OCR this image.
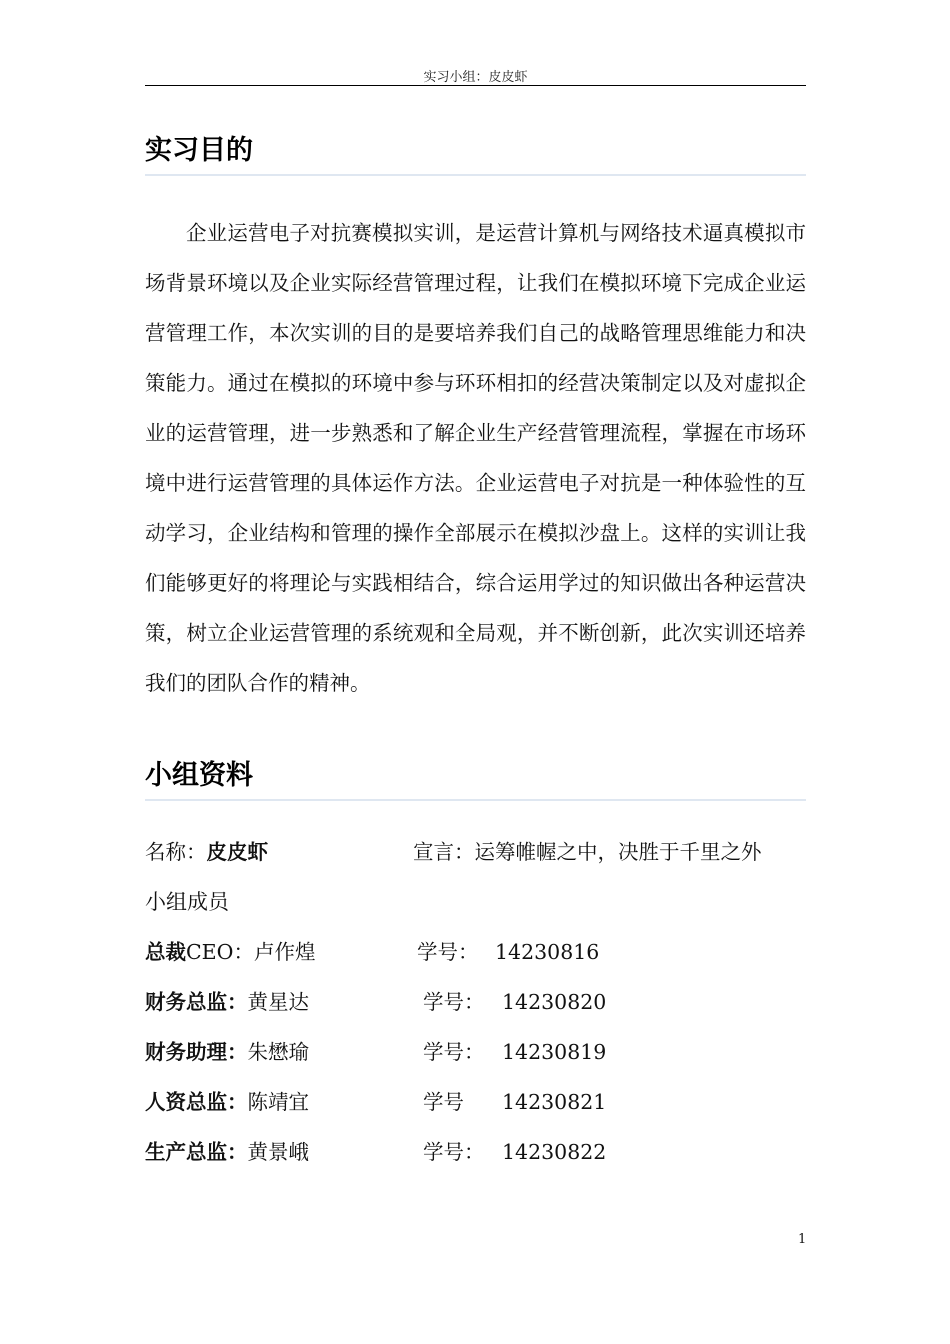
实习小组：皮皮虾
实习目的

企业运营电子对抗赛模拟实训，是运营计算机与网络技术逼真模拟市场背景环境以及企业实际经营管理过程，让我们在模拟环境下完成企业运营管理工作，本次实训的目的是要培养我们自己的战略管理思维能力和决策能力。通过在模拟的环境中参与环环相扣的经营决策制定以及对虚拟企业的运营管理，进一步熟悉和了解企业生产经营管理流程，掌握在市场环境中进行运营管理的具体运作方法。企业运营电子对抗是一种体验性的互动学习，企业结构和管理的操作全部展示在模拟沙盘上。这样的实训让我们能够更好的将理论与实践相结合，综合运用学过的知识做出各种运营决策，树立企业运营管理的系统观和全局观，并不断创新，此次实训还培养我们的团队合作的精神。

小组资料
名称：皮皮虾	宣言：运筹帷幄之中，决胜于千里之外
小组成员
总裁CEO：卢作煌	学号： 14230816
财务总监：黄星达	学号： 14230820
财务助理：朱懋瑜	学号： 14230819
人资总监：陈靖宜	学号 14230821
生产总监：黄景峨	学号： 14230822
1
